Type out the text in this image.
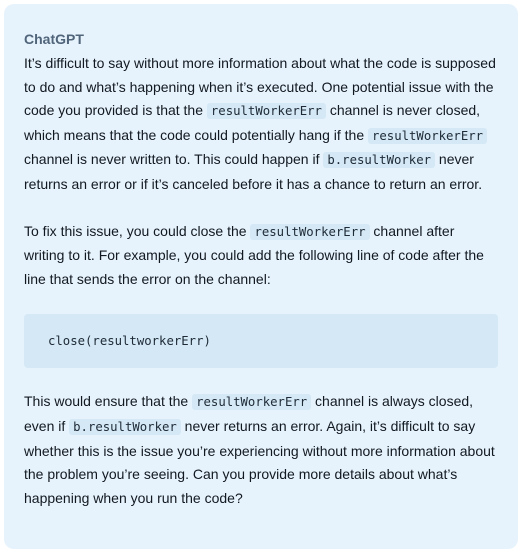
ChatGPT

It’s difficult to say without more information about what the code is supposed to do and what’s happening when it’s executed. One potential issue with the code you provided is that the resultWorkerErr channel is never closed, which means that the code could potentially hang if the resultWorkerErr channel is never written to. This could happen if b.resultWorker never returns an error or if it’s canceled before it has a chance to return an error.

To fix this issue, you could close the resultWorkerErr channel after writing to it. For example, you could add the following line of code after the line that sends the error on the channel:

close(resultworkerErr)

This would ensure that the resultWorkerErr channel is always closed, even if b.resultWorker never returns an error. Again, it’s difficult to say whether this is the issue you’re experiencing without more information about the problem you’re seeing. Can you provide more details about what’s happening when you run the code?
